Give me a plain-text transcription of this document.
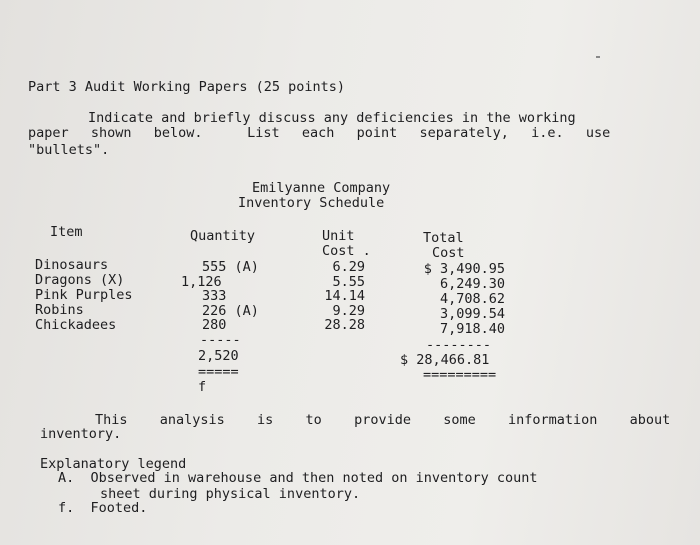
Part 3 Audit Working Papers (25 points)
Indicate and briefly discuss any deficiencies in the working
paper  shown  below.    List  each  point  separately,  i.e.  use
"bullets".
Emilyanne Company
Inventory Schedule
Item	Quantity	Unit
Cost .
Total
Cost
Dinosaurs
Dragons (X)
Pink Purples
Robins
Chickadees
555 (A)
1,126
333
226 (A)
280
6.29
5.55
14.14
9.29
28.28
$ 3,490.95
6,249.30
4,708.62
3,099.54
7,918.40
-----
2,520
=====
f
--------
$ 28,466.81
=========
This  analysis  is  to  provide  some  information  about
inventory.
Explanatory legend
A.  Observed in warehouse and then noted on inventory count
sheet during physical inventory.
f.  Footed.
